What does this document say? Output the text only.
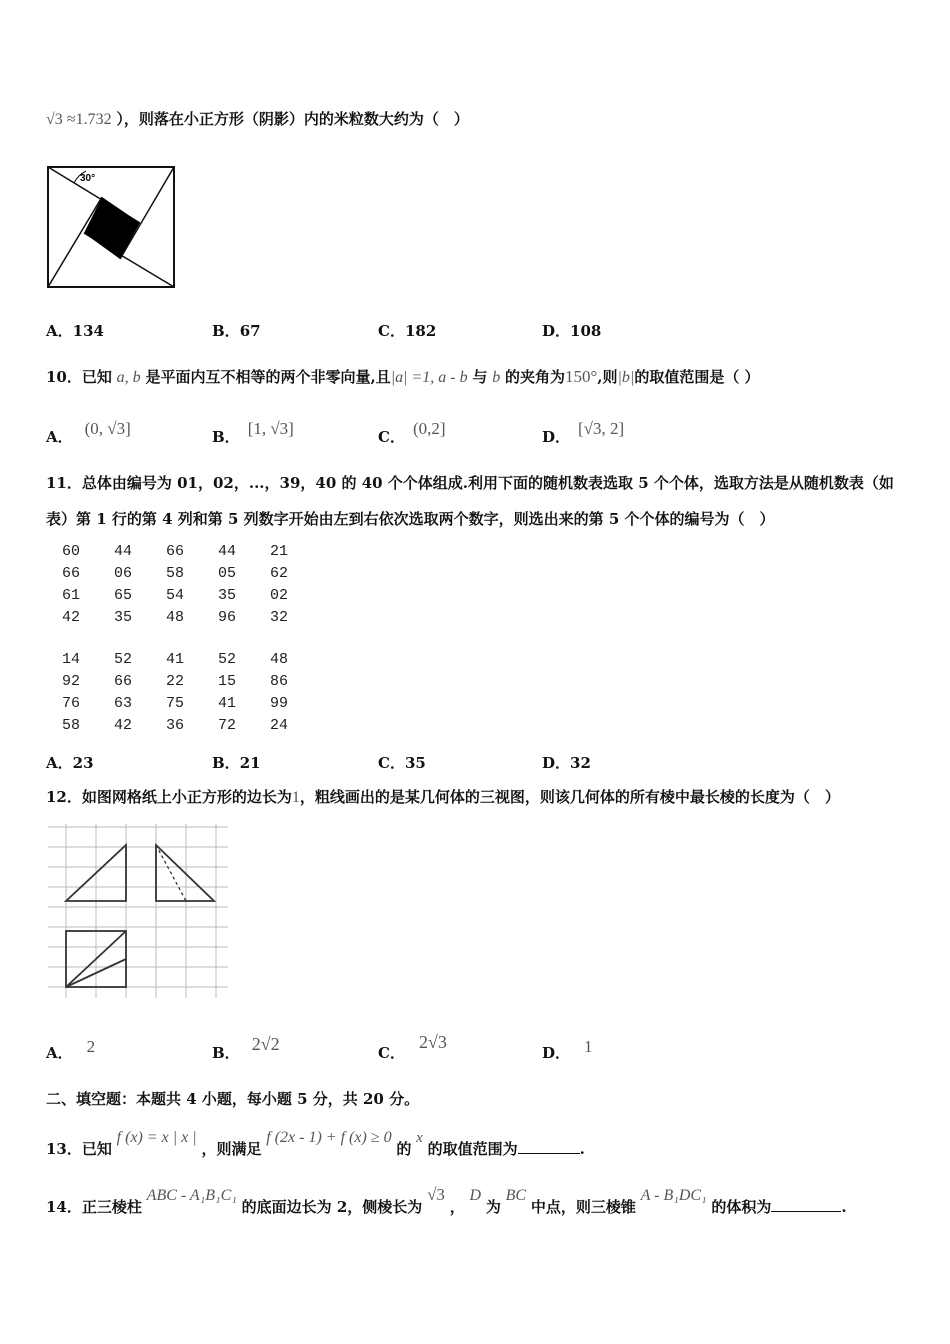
√3 ≈1.732 ），则落在小正方形（阴影）内的米粒数大约为（　）
30°
A．134	B．67	C．182	D．108
10．已知 a, b 是平面内互不相等的两个非零向量,且|a| =1, a - b 与 b 的夹角为150°,则|b|的取值范围是（ ）
A． (0, √3]	B． [1, √3]	C． (0,2]	D． [√3, 2]
11．总体由编号为 01，02，...，39，40 的 40 个个体组成.利用下面的随机数表选取 5 个个体，选取方法是从随机数表（如
表）第 1 行的第 4 列和第 5 列数字开始由左到右依次选取两个数字，则选出来的第 5 个个体的编号为（　）
60 44 66 44 21
66 06 58 05 62
61 65 54 35 02
42 35 48 96 32
14 52 41 52 48
92 66 22 15 86
76 63 75 41 99
58 42 36 72 24
A．23	B．21	C．35	D．32
12．如图网格纸上小正方形的边长为1，粗线画出的是某几何体的三视图，则该几何体的所有棱中最长棱的长度为（　）
A． 2	B． 2√2	C．2√3
D． 1
二、填空题：本题共 4 小题，每小题 5 分，共 20 分。
13．已知 f (x) = x | x | ，则满足 f (2x - 1) + f (x) ≥ 0 的 x 的取值范围为	.
14．正三棱柱 ABC - A₁B₁C₁ 的底面边长为 2，侧棱长为 √3 ， D 为 BC 中点，则三棱锥 A - B₁DC₁ 的体积为	.
